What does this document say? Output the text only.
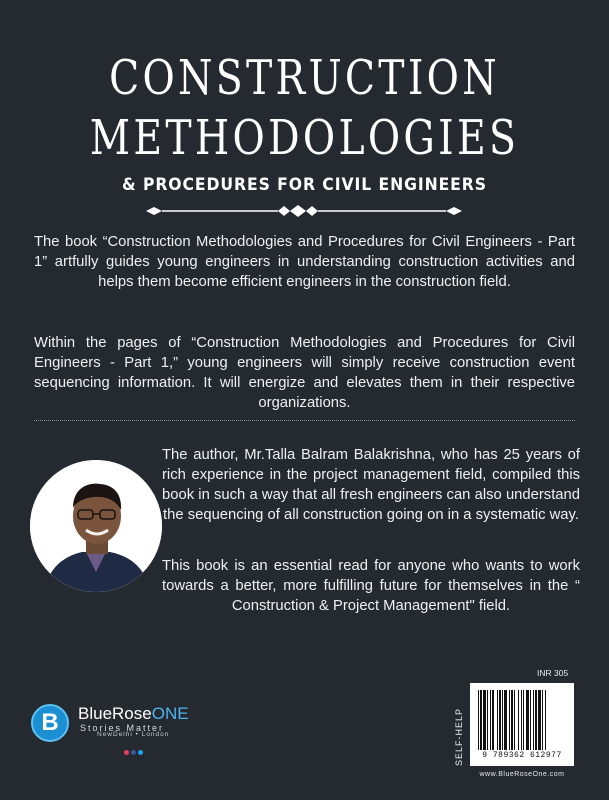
CONSTRUCTION
METHODOLOGIES
& PROCEDURES FOR CIVIL ENGINEERS

The book “Construction Methodologies and Procedures for Civil Engineers - Part 1” artfully guides young engineers in understanding construction activities and helps them become efficient engineers in the construction field.

Within the pages of “Construction Methodologies and Procedures for Civil Engineers - Part 1,” young engineers will simply receive construction event sequencing information. It will energize and elevates them in their respective organizations.

The author, Mr.Talla Balram Balakrishna, who has 25 years of rich experience in the project management field, compiled this book in such a way that all fresh engineers can also understand the sequencing of all construction going on in a systematic way.

This book is an essential read for anyone who wants to work towards a better, more fulfilling future for themselves in the “ Construction & Project Management" field.

B	BlueRoseONE
Stories Matter
NewDelhi • London
INR 305
SELF-HELP	9 789362 612977
www.BlueRoseOne.com
